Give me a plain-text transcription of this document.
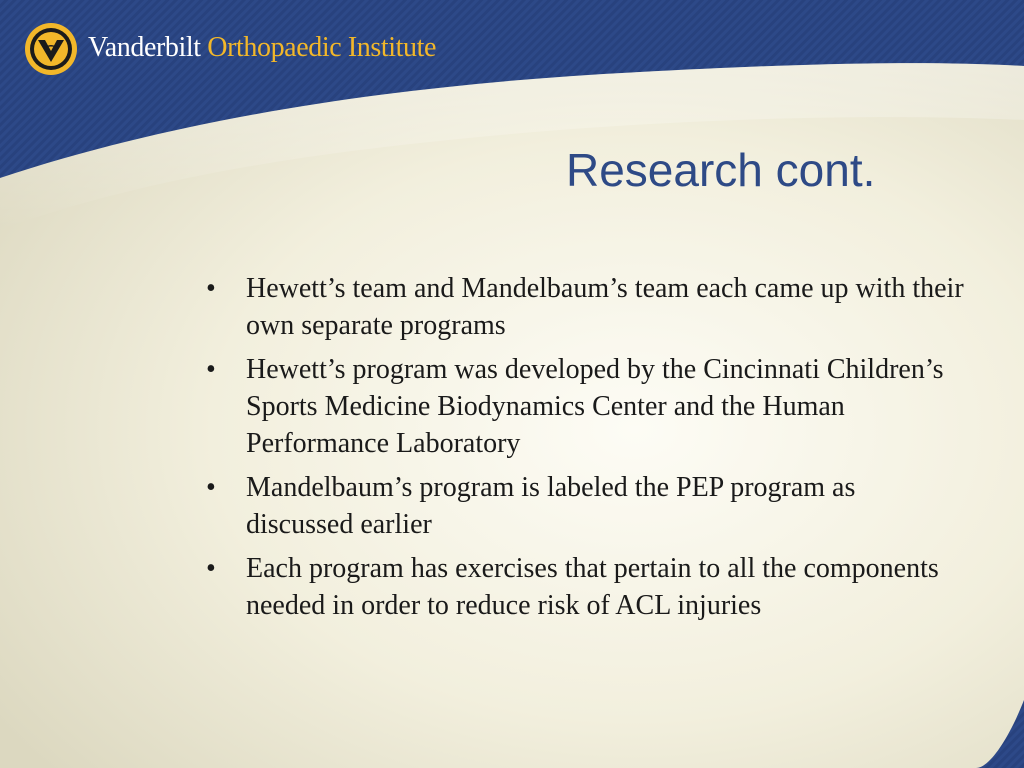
Vanderbilt Orthopaedic Institute
Research cont.
• Hewett’s team and Mandelbaum’s team each came up with their own separate programs
• Hewett’s program was developed by the Cincinnati Children’s Sports Medicine Biodynamics Center and the Human Performance Laboratory
• Mandelbaum’s program is labeled the PEP program as discussed earlier
• Each program has exercises that pertain to all the components needed in order to reduce risk of ACL injuries
